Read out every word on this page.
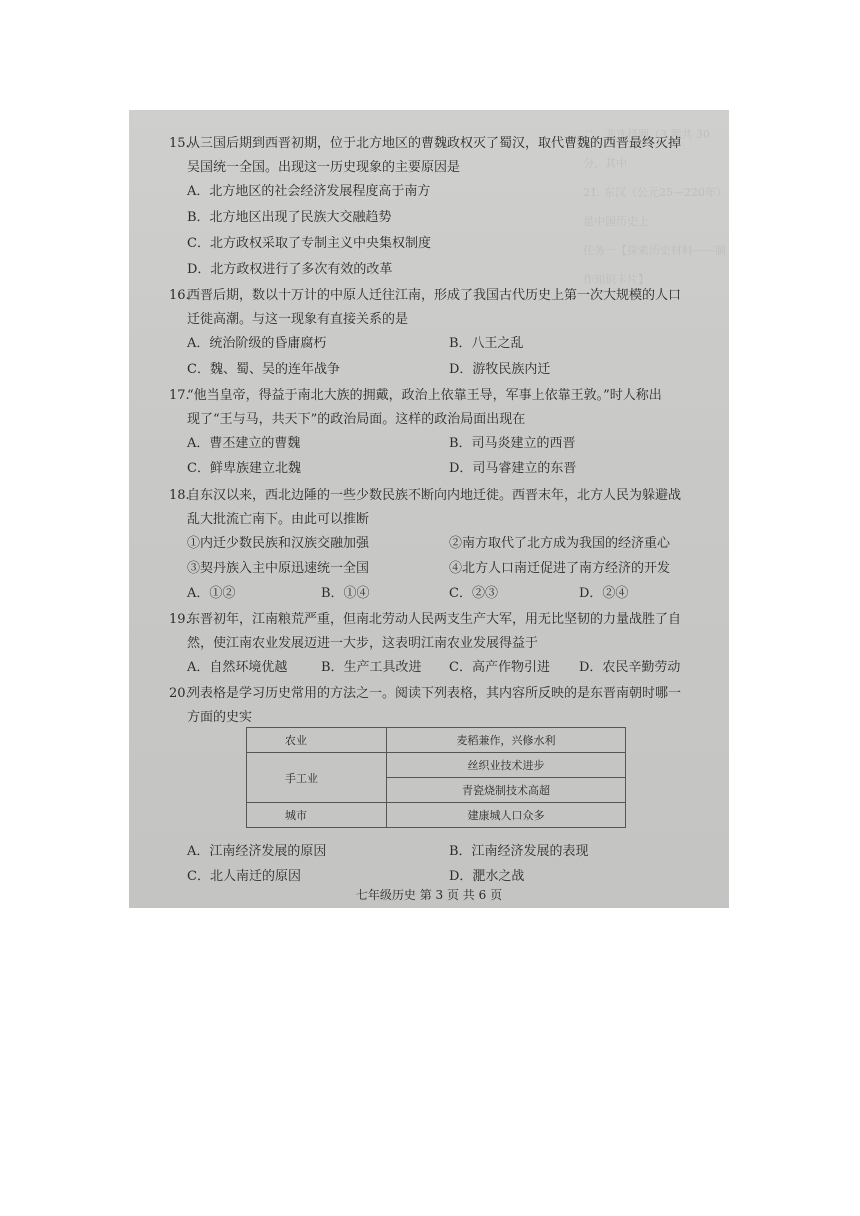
二、非选择题（3 题共 30 分，其中
21. 东汉（公元25—220年）是中国历史上
任务一【探索历史材料——制作知识卡片】
15.
从三国后期到西晋初期，位于北方地区的曹魏政权灭了蜀汉，取代曹魏的西晋最终灭掉
吴国统一全国。出现这一历史现象的主要原因是
A．北方地区的社会经济发展程度高于南方
B．北方地区出现了民族大交融趋势
C．北方政权采取了专制主义中央集权制度
D．北方政权进行了多次有效的改革
16.
西晋后期，数以十万计的中原人迁往江南，形成了我国古代历史上第一次大规模的人口
迁徙高潮。与这一现象有直接关系的是
A．统治阶级的昏庸腐朽	B．八王之乱
C．魏、蜀、吴的连年战争	D．游牧民族内迁
17.
“他当皇帝，得益于南北大族的拥戴，政治上依靠王导，军事上依靠王敦。”时人称出
现了“王与马，共天下”的政治局面。这样的政治局面出现在
A．曹丕建立的曹魏	B．司马炎建立的西晋
C．鲜卑族建立北魏	D．司马睿建立的东晋
18.
自东汉以来，西北边陲的一些少数民族不断向内地迁徙。西晋末年，北方人民为躲避战
乱大批流亡南下。由此可以推断
①内迁少数民族和汉族交融加强	②南方取代了北方成为我国的经济重心
③契丹族入主中原迅速统一全国	④北方人口南迁促进了南方经济的开发
A．①②	B．①④	C．②③	D．②④
19.
东晋初年，江南粮荒严重，但南北劳动人民两支生产大军，用无比坚韧的力量战胜了自
然，使江南农业发展迈进一大步，这表明江南农业发展得益于
A．自然环境优越	B．生产工具改进 C．高产作物引进 D．农民辛勤劳动
20.
列表格是学习历史常用的方法之一。阅读下列表格，其内容所反映的是东晋南朝时哪一
方面的史实
农业	麦稻兼作，兴修水利
手工业	丝织业技术进步
	青瓷烧制技术高超
城市	建康城人口众多
A．江南经济发展的原因	B．江南经济发展的表现
C．北人南迁的原因	D．淝水之战
七年级历史 第 3 页 共 6 页
